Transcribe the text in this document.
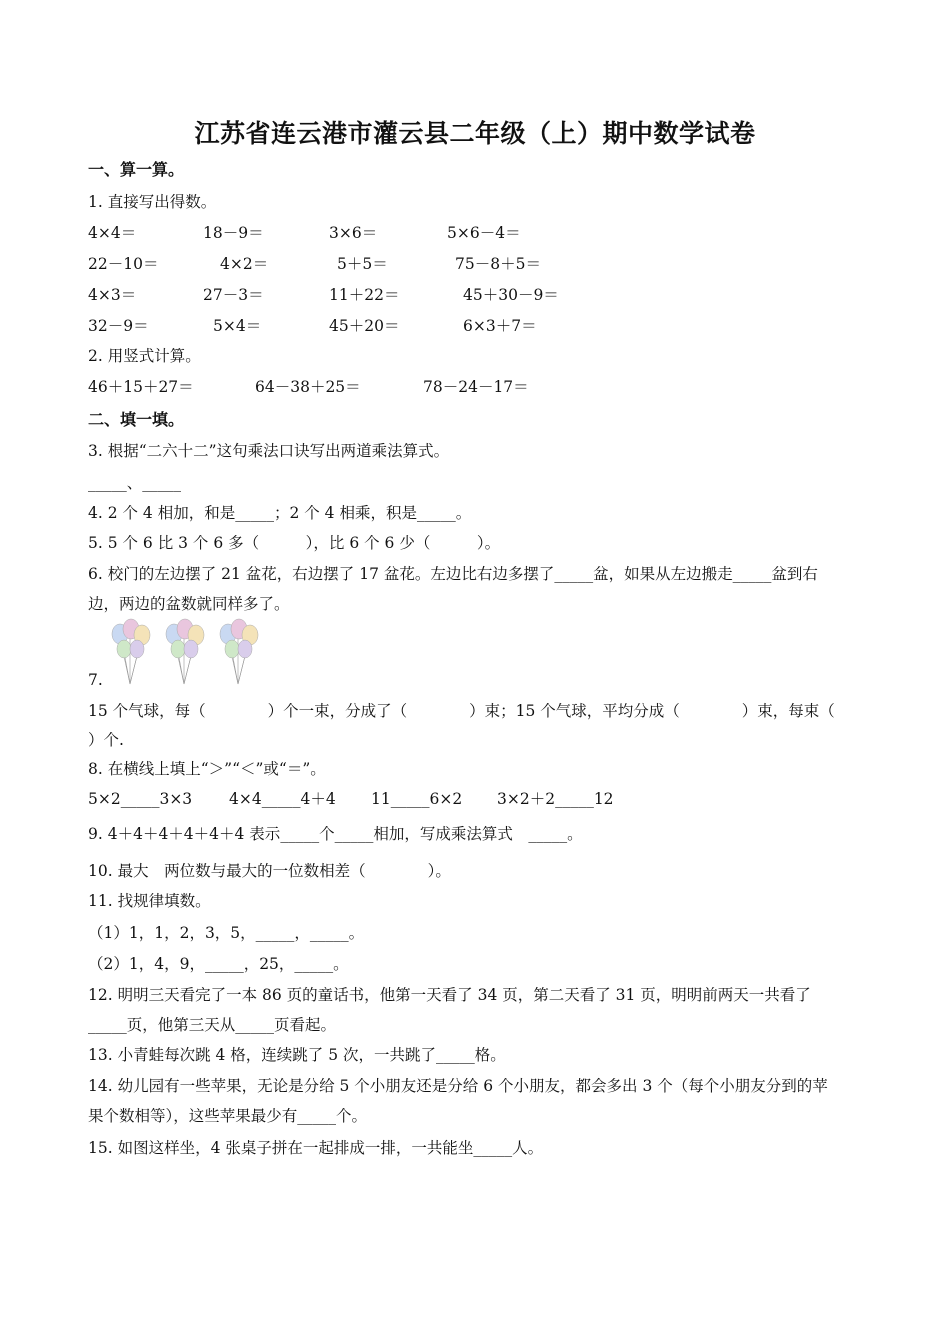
江苏省连云港市灌云县二年级（上）期中数学试卷
一、算一算。
1. 直接写出得数。
4×4＝	18－9＝	3×6＝	5×6－4＝
22－10＝	4×2＝	5＋5＝	75－8＋5＝
4×3＝	27－3＝	11＋22＝	45＋30－9＝
32－9＝	5×4＝	45＋20＝	6×3＋7＝
2. 用竖式计算。
46＋15＋27＝	64－38＋25＝	78－24－17＝
二、填一填。
3. 根据“二六十二”这句乘法口诀写出两道乘法算式。
_____、_____
4. 2 个 4 相加，和是_____；2 个 4 相乘，积是_____。
5. 5 个 6 比 3 个 6 多（　　　），比 6 个 6 少（　　　）。
6. 校门的左边摆了 21 盆花，右边摆了 17 盆花。左边比右边多摆了_____盆，如果从左边搬走_____盆到右
边，两边的盆数就同样多了。
7.
15 个气球，每（　　　　）个一束，分成了（　　　　）束；15 个气球，平均分成（　　　　）束，每束（
）个.
8. 在横线上填上“＞”“＜”或“＝”。
5×2_____3×3 4×4_____4＋4 11_____6×2 3×2＋2_____12
9. 4＋4＋4＋4＋4＋4 表示_____个_____相加，写成乘法算式　_____。
10. 最大　两位数与最大的一位数相差（　　　　）。
11. 找规律填数。
（1）1，1，2，3，5，_____，_____。
（2）1，4，9，_____，25，_____。
12. 明明三天看完了一本 86 页的童话书，他第一天看了 34 页，第二天看了 31 页，明明前两天一共看了
_____页，他第三天从_____页看起。
13. 小青蛙每次跳 4 格，连续跳了 5 次，一共跳了_____格。
14. 幼儿园有一些苹果，无论是分给 5 个小朋友还是分给 6 个小朋友，都会多出 3 个（每个小朋友分到的苹
果个数相等），这些苹果最少有_____个。
15. 如图这样坐，4 张桌子拼在一起排成一排，一共能坐_____人。
